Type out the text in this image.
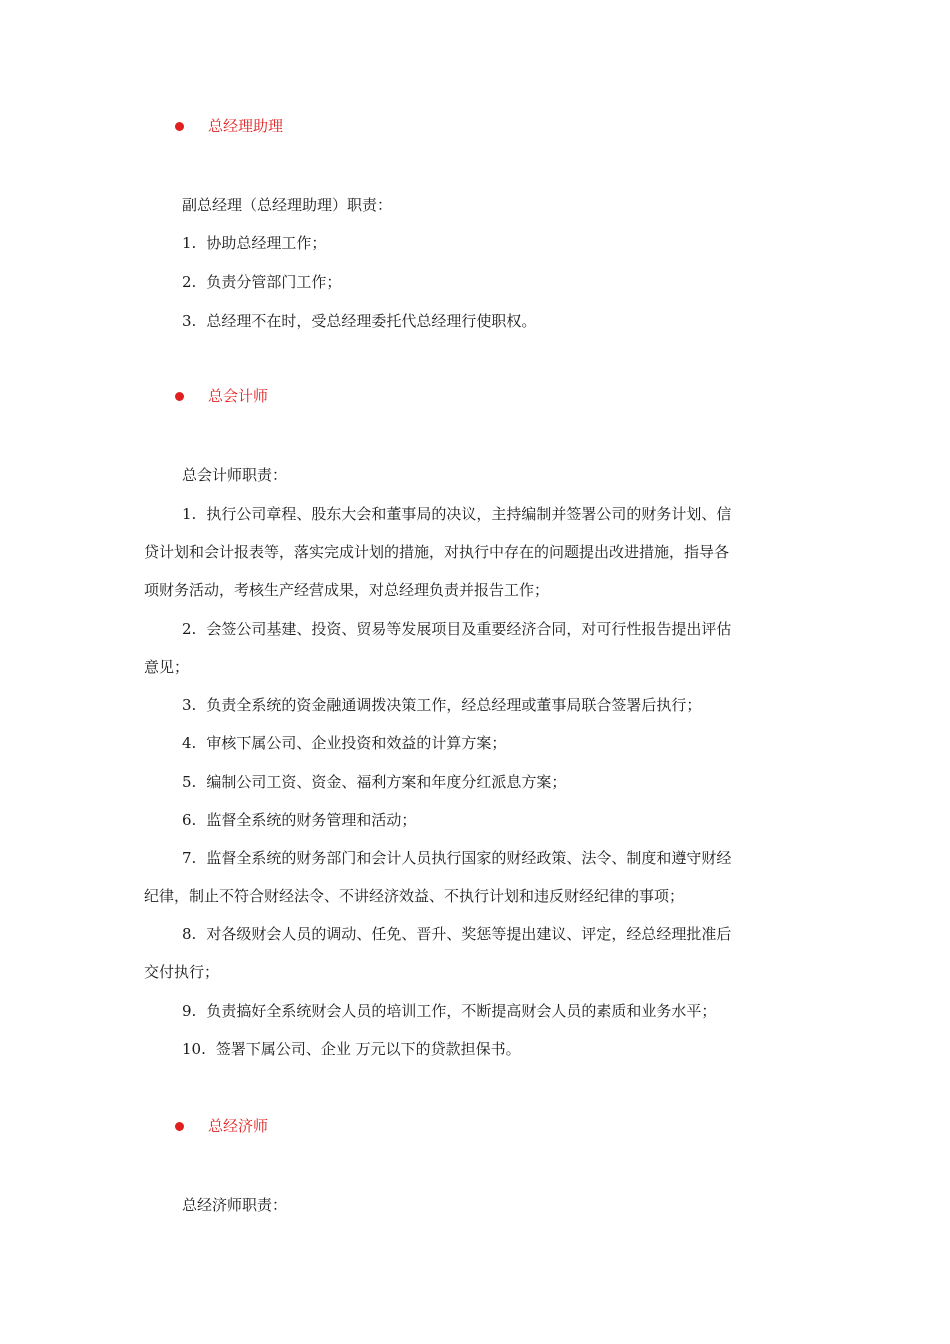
总经理助理
副总经理（总经理助理）职责：
1. 协助总经理工作；
2. 负责分管部门工作；
3. 总经理不在时，受总经理委托代总经理行使职权。
总会计师
总会计师职责：
1. 执行公司章程、股东大会和董事局的决议，主持编制并签署公司的财务计划、信
贷计划和会计报表等，落实完成计划的措施，对执行中存在的问题提出改进措施，指导各
项财务活动，考核生产经营成果，对总经理负责并报告工作；
2. 会签公司基建、投资、贸易等发展项目及重要经济合同，对可行性报告提出评估
意见；
3. 负责全系统的资金融通调拨决策工作，经总经理或董事局联合签署后执行；
4. 审核下属公司、企业投资和效益的计算方案；
5. 编制公司工资、资金、福利方案和年度分红派息方案；
6. 监督全系统的财务管理和活动；
7. 监督全系统的财务部门和会计人员执行国家的财经政策、法令、制度和遵守财经
纪律，制止不符合财经法令、不讲经济效益、不执行计划和违反财经纪律的事项；
8. 对各级财会人员的调动、任免、晋升、奖惩等提出建议、评定，经总经理批准后
交付执行；
9. 负责搞好全系统财会人员的培训工作，不断提高财会人员的素质和业务水平；
10. 签署下属公司、企业 万元以下的贷款担保书。
总经济师
总经济师职责：
